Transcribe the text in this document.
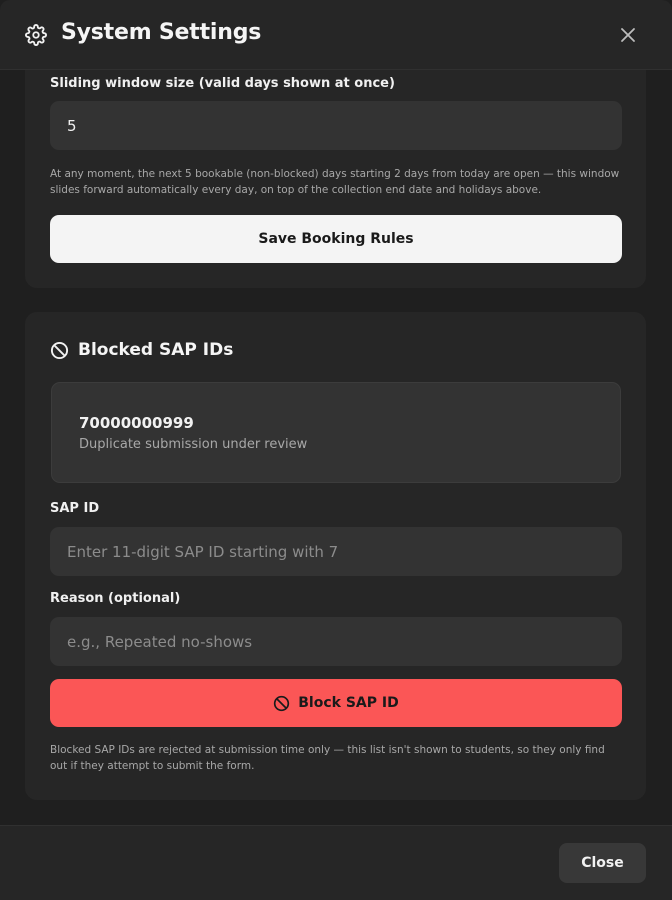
System Settings
Sliding window size (valid days shown at once)
5
At any moment, the next 5 bookable (non-blocked) days starting 2 days from today are open — this window slides forward automatically every day, on top of the collection end date and holidays above.
Save Booking Rules
Blocked SAP IDs
70000000999
Duplicate submission under review
SAP ID
Enter 11-digit SAP ID starting with 7
Reason (optional)
e.g., Repeated no-shows
Block SAP ID
Blocked SAP IDs are rejected at submission time only — this list isn't shown to students, so they only find out if they attempt to submit the form.
Close
